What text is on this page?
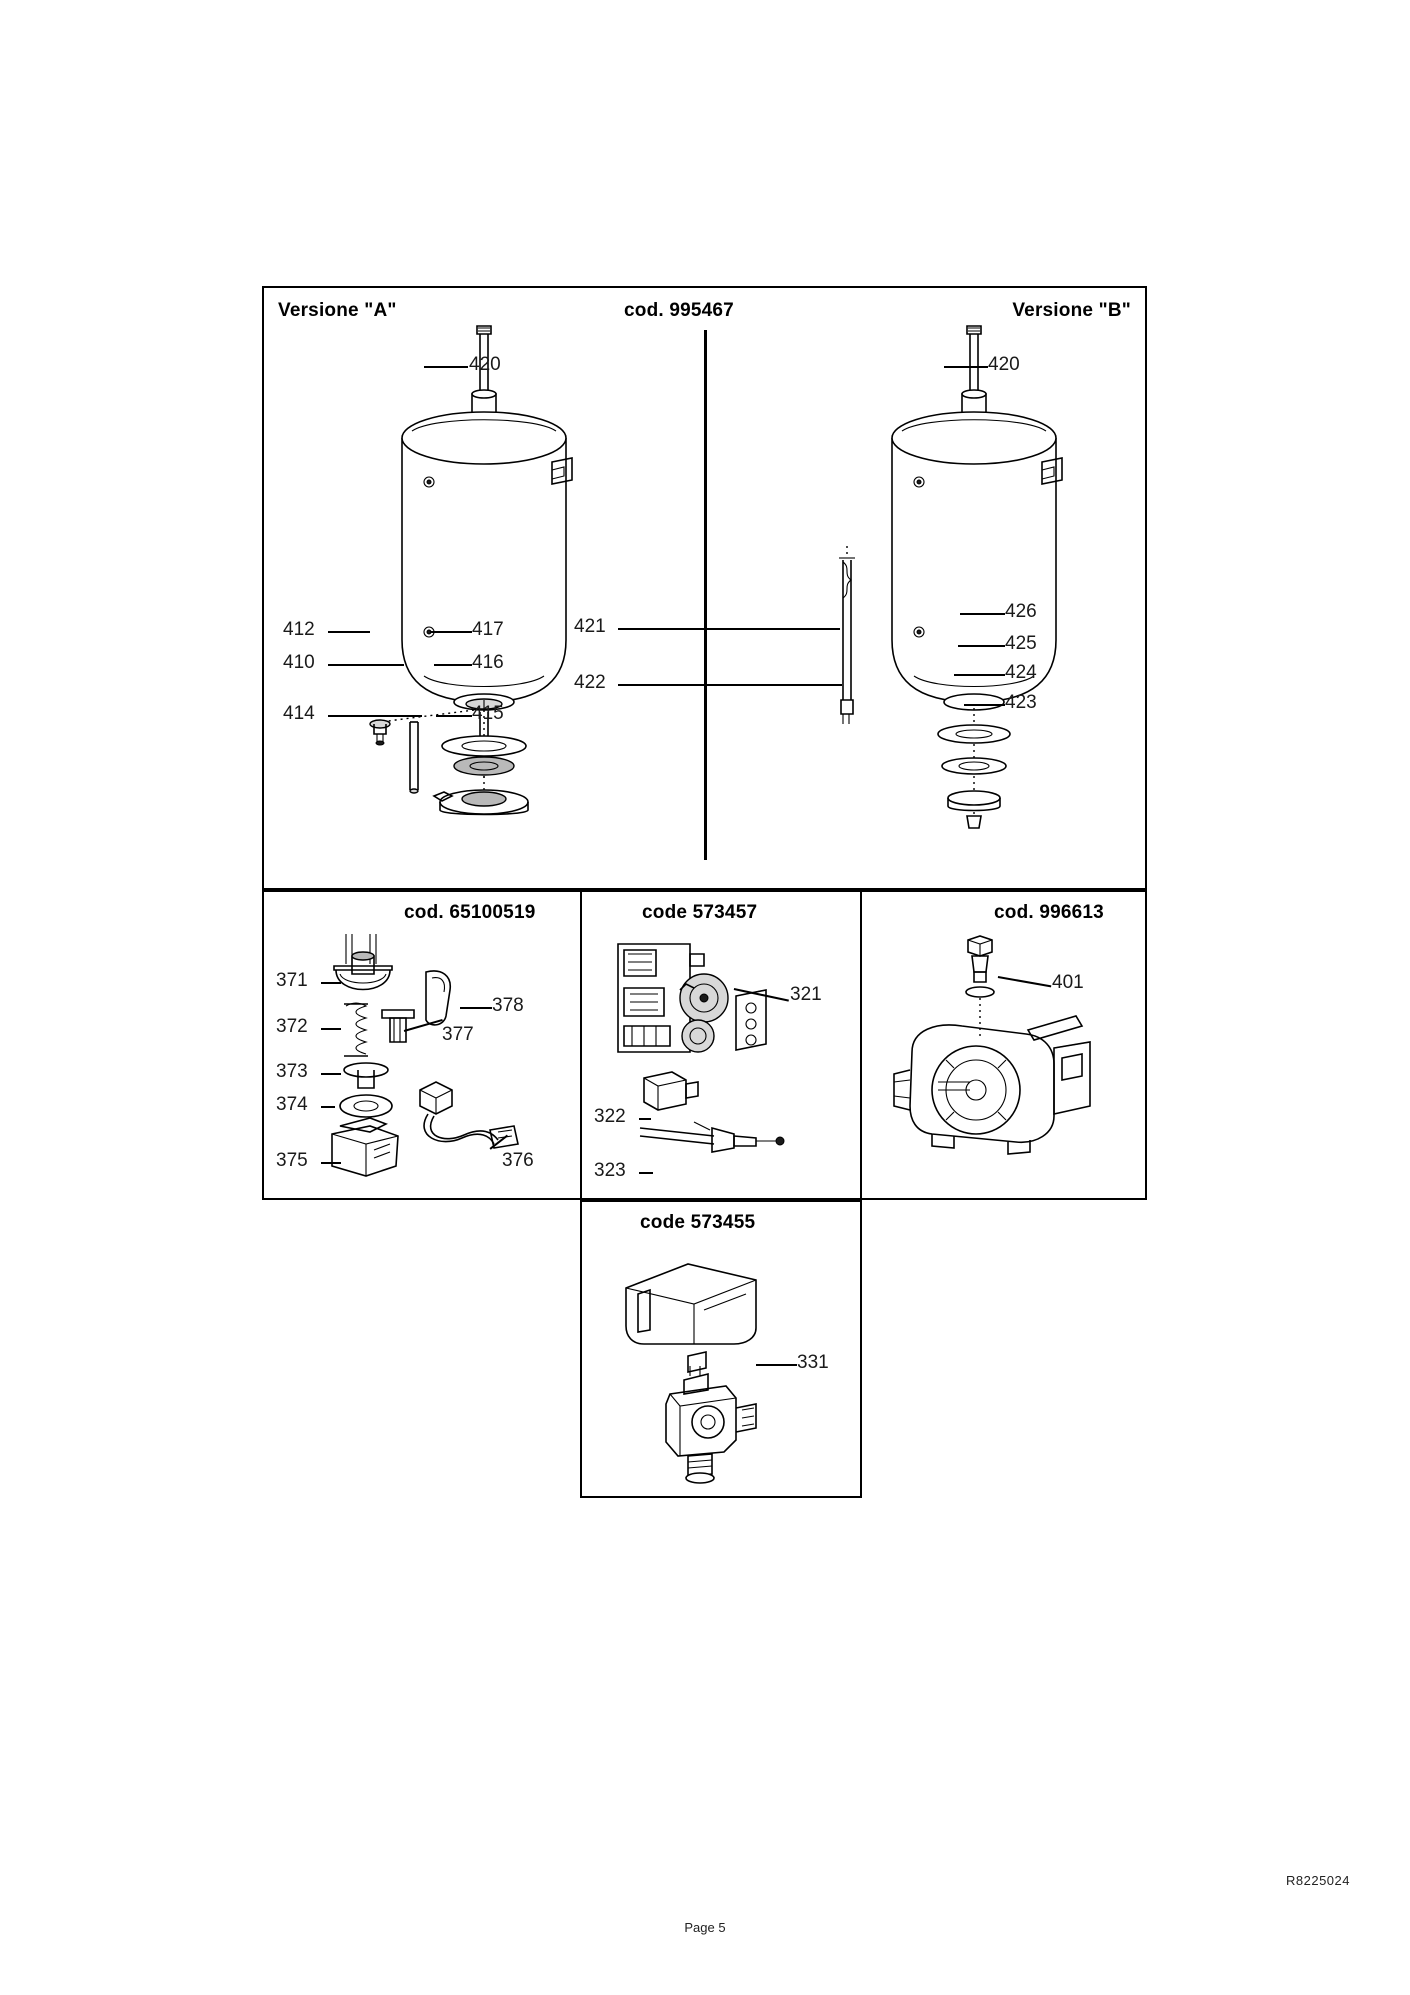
Versione "A"	cod. 995467	Versione "B"
420
412
410
414
417
416
415
420
421
422
426
425
424
423
cod. 65100519
371
372
373
374
375
378
377
376
code 573457
321
322
323
cod. 996613
401
code 573455
331
R8225024
Page 5
